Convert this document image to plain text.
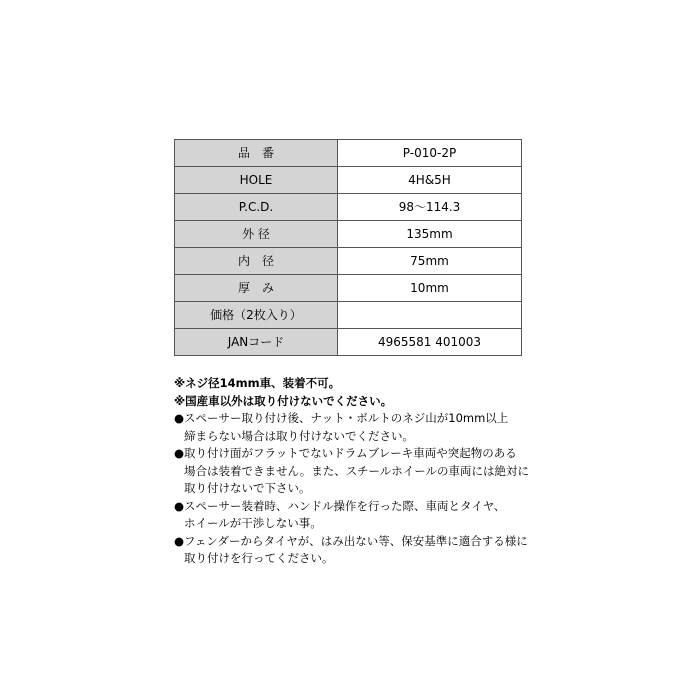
品　番	P-010-2P
HOLE	4H&5H
P.C.D.	98〜114.3
外 径	135mm
内　径	75mm
厚　み	10mm
価格（2枚入り）	
JANコード	4965581 401003
※ネジ径14mm車、装着不可。
※国産車以外は取り付けないでください。
● スペーサー取り付け後、ナット・ボルトのネジ山が10mm以上
締まらない場合は取り付けないでください。
● 取り付け面がフラットでないドラムブレーキ車両や突起物のある
場合は装着できません。また、スチールホイールの車両には絶対に
取り付けないで下さい。
● スペーサー装着時、ハンドル操作を行った際、車両とタイヤ、
ホイールが干渉しない事。
● フェンダーからタイヤが、はみ出ない等、保安基準に適合する様に
取り付けを行ってください。
